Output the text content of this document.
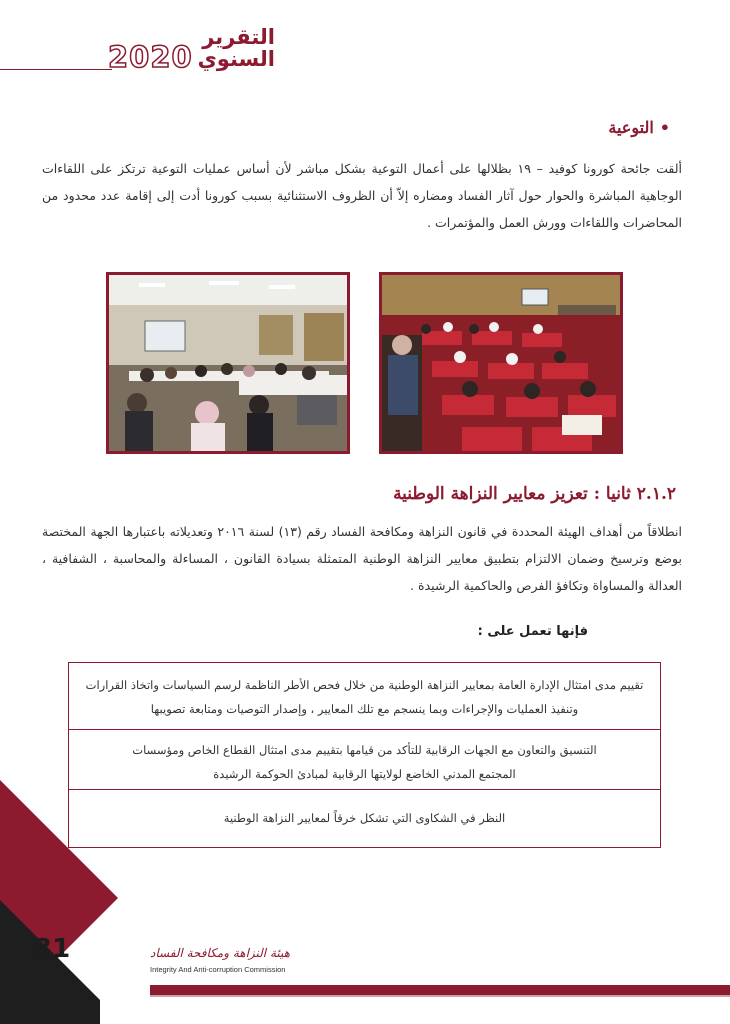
2020
التقرير
السنوي
•التوعية
ألقت جائحة كورونا كوفيد – ١٩ بظلالها على أعمال التوعية بشكل مباشر لأن أساس عمليات التوعية ترتكز على اللقاءات الوجاهية المباشرة والحوار حول آثار الفساد ومضاره إلاّ أن الظروف الاستثنائية بسبب كورونا أدت إلى إقامة عدد محدود من المحاضرات واللقاءات وورش العمل والمؤتمرات .
٢.١.٢ ثانيا : تعزيز معايير النزاهة الوطنية
انطلاقاً من أهداف الهيئة المحددة في قانون النزاهة ومكافحة الفساد رقم (١٣) لسنة ٢٠١٦ وتعديلاته باعتبارها الجهة المختصة بوضع وترسيخ وضمان الالتزام بتطبيق معايير النزاهة الوطنية المتمثلة بسيادة القانون ، المساءلة والمحاسبة ، الشفافية ، العدالة والمساواة وتكافؤ الفرص والحاكمية الرشيدة .
فإنها تعمل على :
تقييم مدى امتثال الإدارة العامة بمعايير النزاهة الوطنية من خلال فحص الأطر الناظمة لرسم السياسات واتخاذ القرارات
وتنفيذ العمليات والإجراءات وبما ينسجم مع تلك المعايير ، وإصدار التوصيات ومتابعة تصويبها
التنسيق والتعاون مع الجهات الرقابية للتأكد من قيامها بتقييم مدى امتثال القطاع الخاص ومؤسسات
المجتمع المدني الخاضع لولايتها الرقابية لمبادئ الحوكمة الرشيدة
النظر في الشكاوى التي تشكل خرقاً لمعايير النزاهة الوطنية
31	هيئة النزاهة ومكافحة الفساد
Integrity And Anti-corruption Commission
